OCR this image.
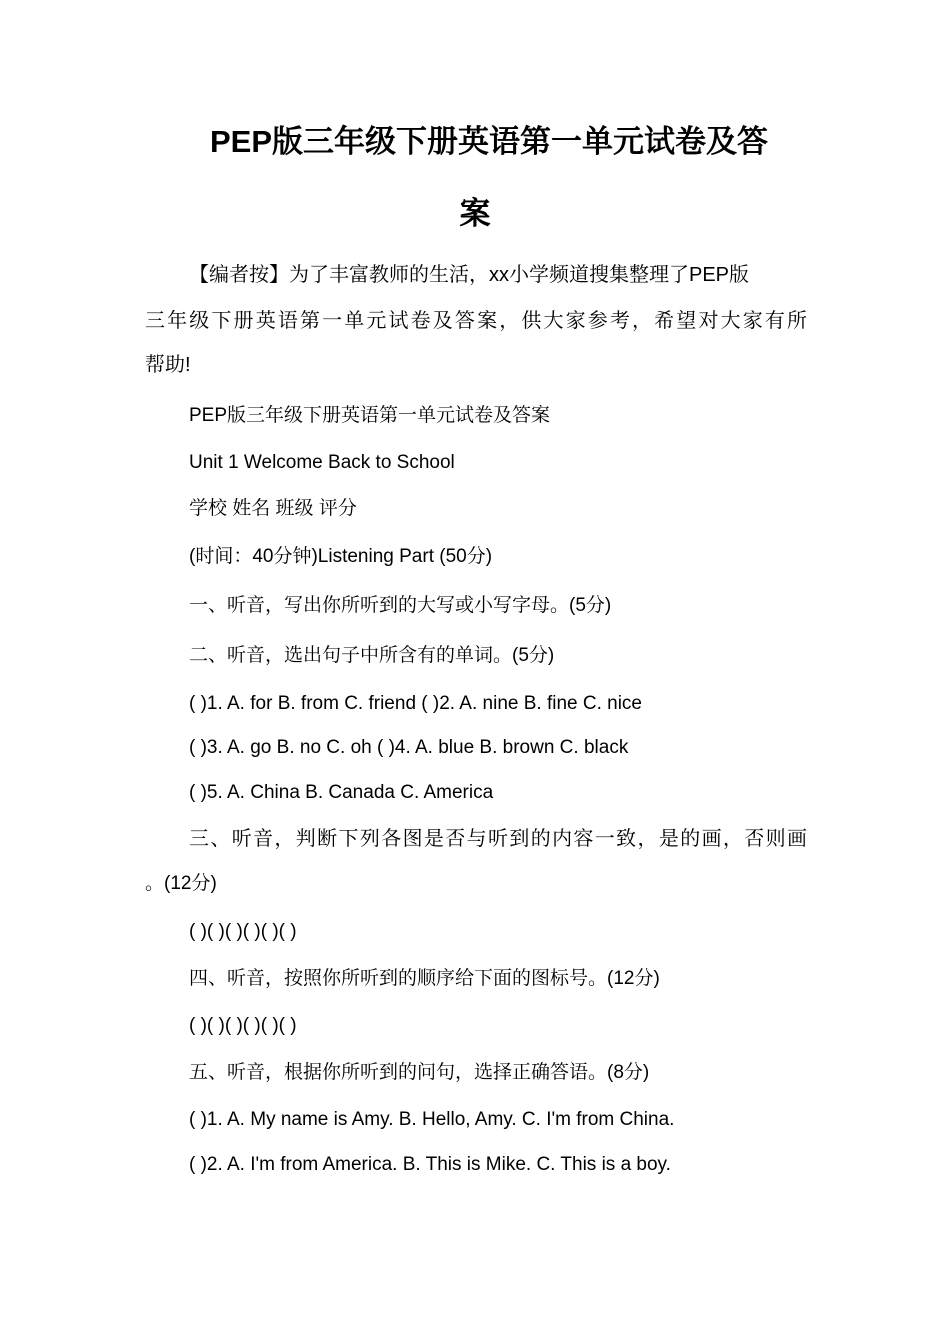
PEP版三年级下册英语第一单元试卷及答
案

【编者按】为了丰富教师的生活，xx小学频道搜集整理了PEP版

三年级下册英语第一单元试卷及答案，供大家参考，希望对大家有所

帮助!

PEP版三年级下册英语第一单元试卷及答案

Unit 1 Welcome Back to School

学校 姓名 班级 评分

(时间：40分钟)Listening Part (50分)

一、听音，写出你所听到的大写或小写字母。(5分)

二、听音，选出句子中所含有的单词。(5分)

( )1. A. for B. from C. friend ( )2. A. nine B. fine C. nice

( )3. A. go B. no C. oh ( )4. A. blue B. brown C. black

( )5. A. China B. Canada C. America

三、听音，判断下列各图是否与听到的内容一致，是的画，否则画

。(12分)

( )( )( )( )( )( )

四、听音，按照你所听到的顺序给下面的图标号。(12分)

( )( )( )( )( )( )

五、听音，根据你所听到的问句，选择正确答语。(8分)

( )1. A. My name is Amy. B. Hello, Amy. C. I'm from China.

( )2. A. I'm from America. B. This is Mike. C. This is a boy.
